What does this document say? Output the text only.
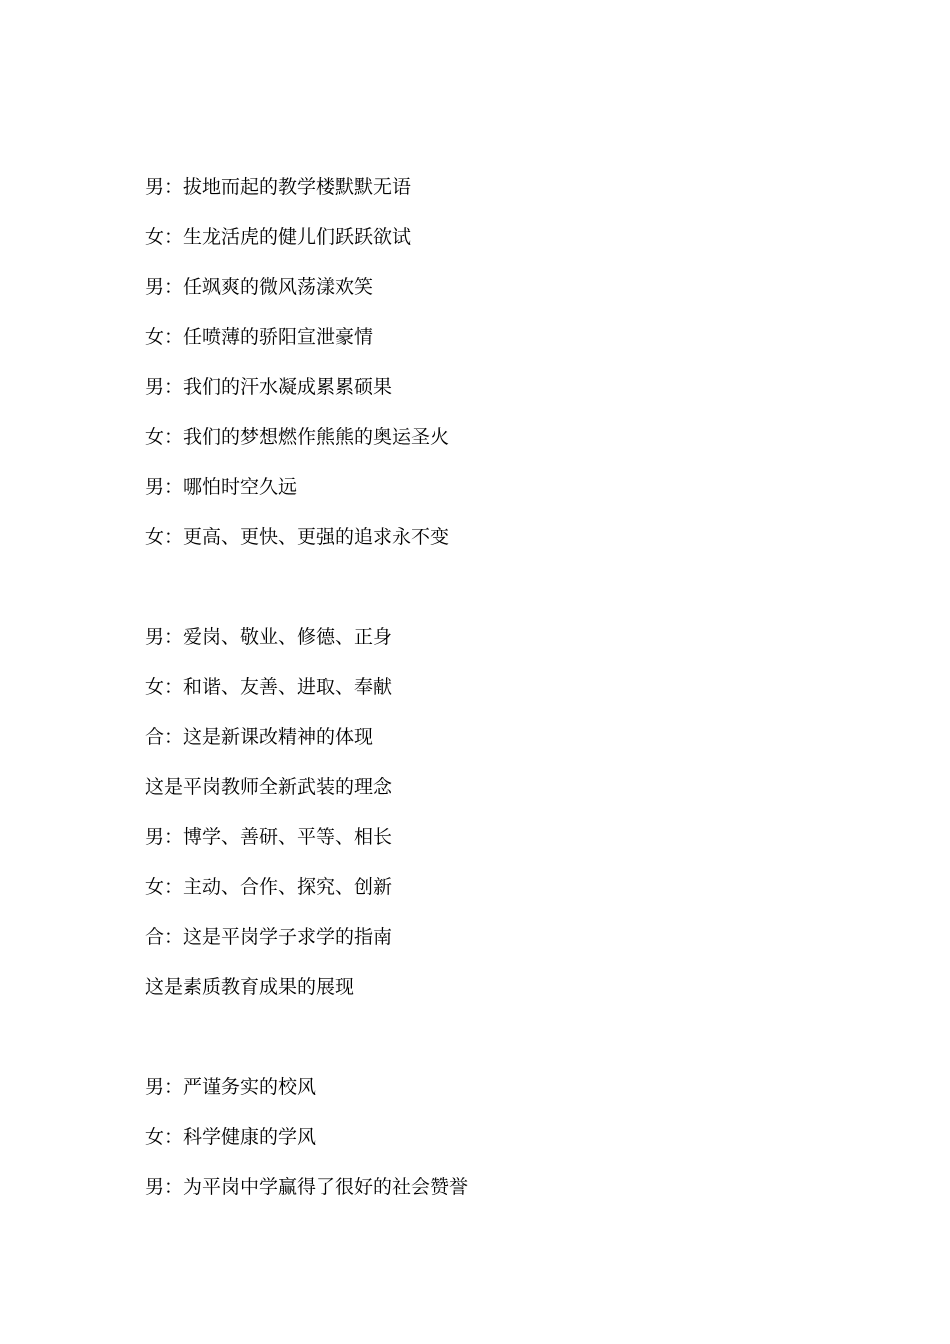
男：拔地而起的教学楼默默无语
女：生龙活虎的健儿们跃跃欲试
男：任飒爽的微风荡漾欢笑
女：任喷薄的骄阳宣泄豪情
男：我们的汗水凝成累累硕果
女：我们的梦想燃作熊熊的奥运圣火
男：哪怕时空久远
女：更高、更快、更强的追求永不变
男：爱岗、敬业、修德、正身
女：和谐、友善、进取、奉献
合：这是新课改精神的体现
这是平岗教师全新武装的理念
男：博学、善研、平等、相长
女：主动、合作、探究、创新
合：这是平岗学子求学的指南
这是素质教育成果的展现
男：严谨务实的校风
女：科学健康的学风
男：为平岗中学赢得了很好的社会赞誉
